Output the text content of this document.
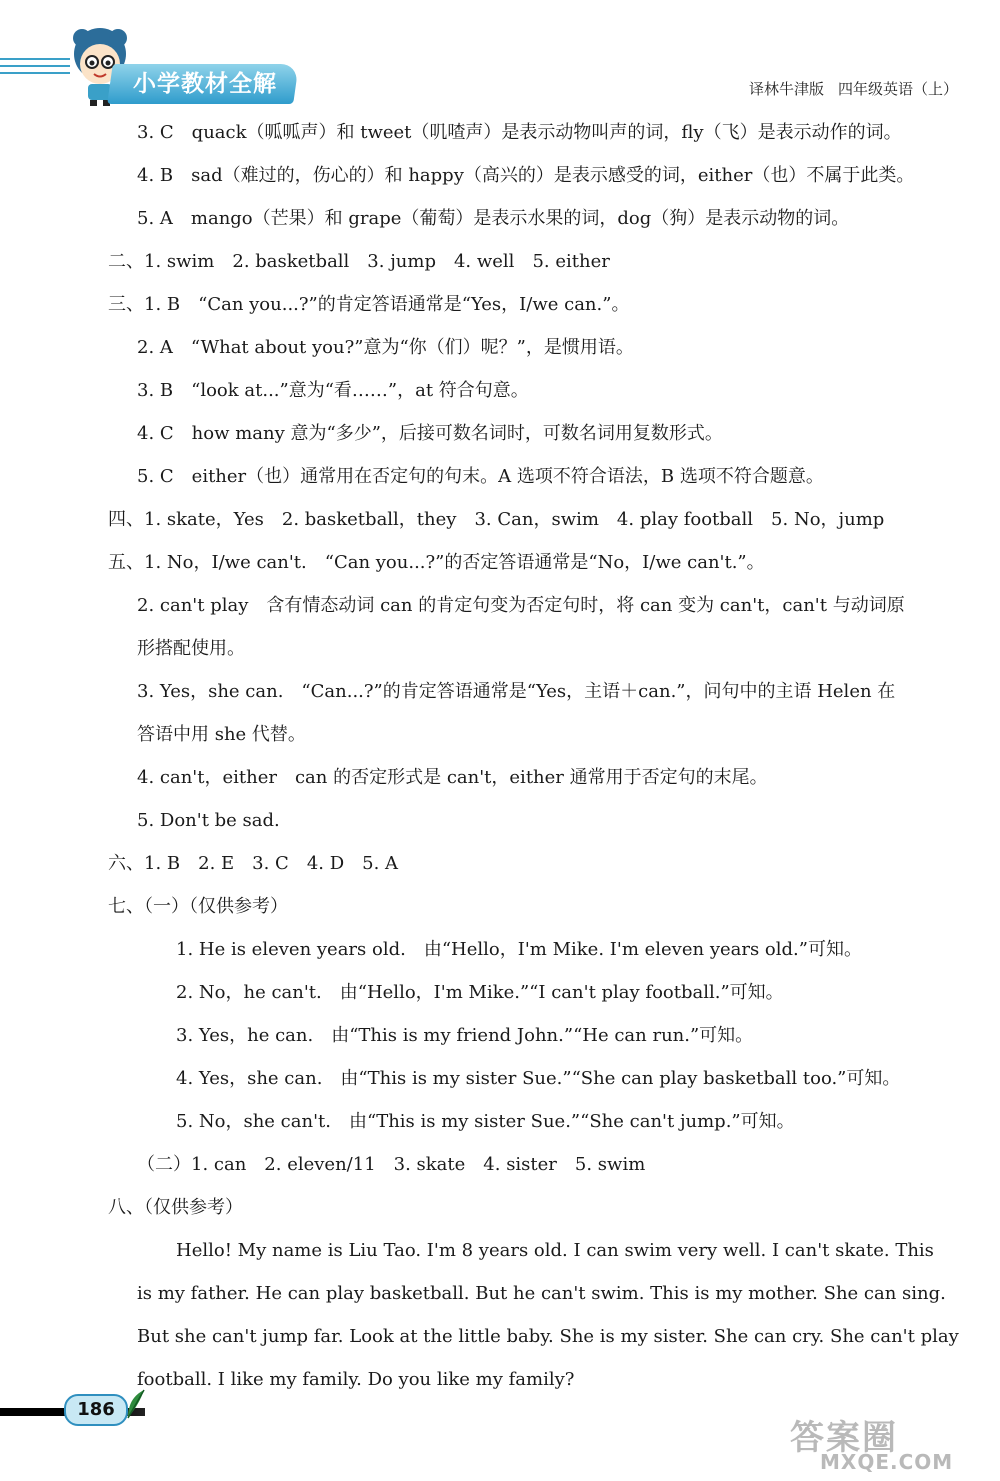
小学教材全解	译林牛津版 四年级英语（上）
3. C　quack（呱呱声）和 tweet（叽喳声）是表示动物叫声的词，fly（飞）是表示动作的词。
4. B　sad（难过的，伤心的）和 happy（高兴的）是表示感受的词，either（也）不属于此类。
5. A　mango（芒果）和 grape（葡萄）是表示水果的词，dog（狗）是表示动物的词。
二、1. swim　2. basketball　3. jump　4. well　5. either
三、1. B　“Can you...?”的肯定答语通常是“Yes，I/we can.”。
2. A　“What about you?”意为“你（们）呢？”，是惯用语。
3. B　“look at...”意为“看……”，at 符合句意。
4. C　how many 意为“多少”，后接可数名词时，可数名词用复数形式。
5. C　either（也）通常用在否定句的句末。A 选项不符合语法，B 选项不符合题意。
四、1. skate，Yes　2. basketball，they　3. Can，swim　4. play football　5. No，jump
五、1. No，I/we can't.　“Can you...?”的否定答语通常是“No，I/we can't.”。
2. can't play　含有情态动词 can 的肯定句变为否定句时，将 can 变为 can't，can't 与动词原
形搭配使用。
3. Yes，she can.　“Can...?”的肯定答语通常是“Yes，主语＋can.”，问句中的主语 Helen 在
答语中用 she 代替。
4. can't，either　can 的否定形式是 can't，either 通常用于否定句的末尾。
5. Don't be sad.
六、1. B　2. E　3. C　4. D　5. A
七、（一）（仅供参考）
1. He is eleven years old.　由“Hello，I'm Mike. I'm eleven years old.”可知。
2. No，he can't.　由“Hello，I'm Mike.”“I can't play football.”可知。
3. Yes，he can.　由“This is my friend John.”“He can run.”可知。
4. Yes，she can.　由“This is my sister Sue.”“She can play basketball too.”可知。
5. No，she can't.　由“This is my sister Sue.”“She can't jump.”可知。
（二）1. can　2. eleven/11　3. skate　4. sister　5. swim
八、（仅供参考）
Hello! My name is Liu Tao. I'm 8 years old. I can swim very well. I can't skate. This
is my father. He can play basketball. But he can't swim. This is my mother. She can sing.
But she can't jump far. Look at the little baby. She is my sister. She can cry. She can't play
football. I like my family. Do you like my family?
186
答案圈
MXQE.COM
